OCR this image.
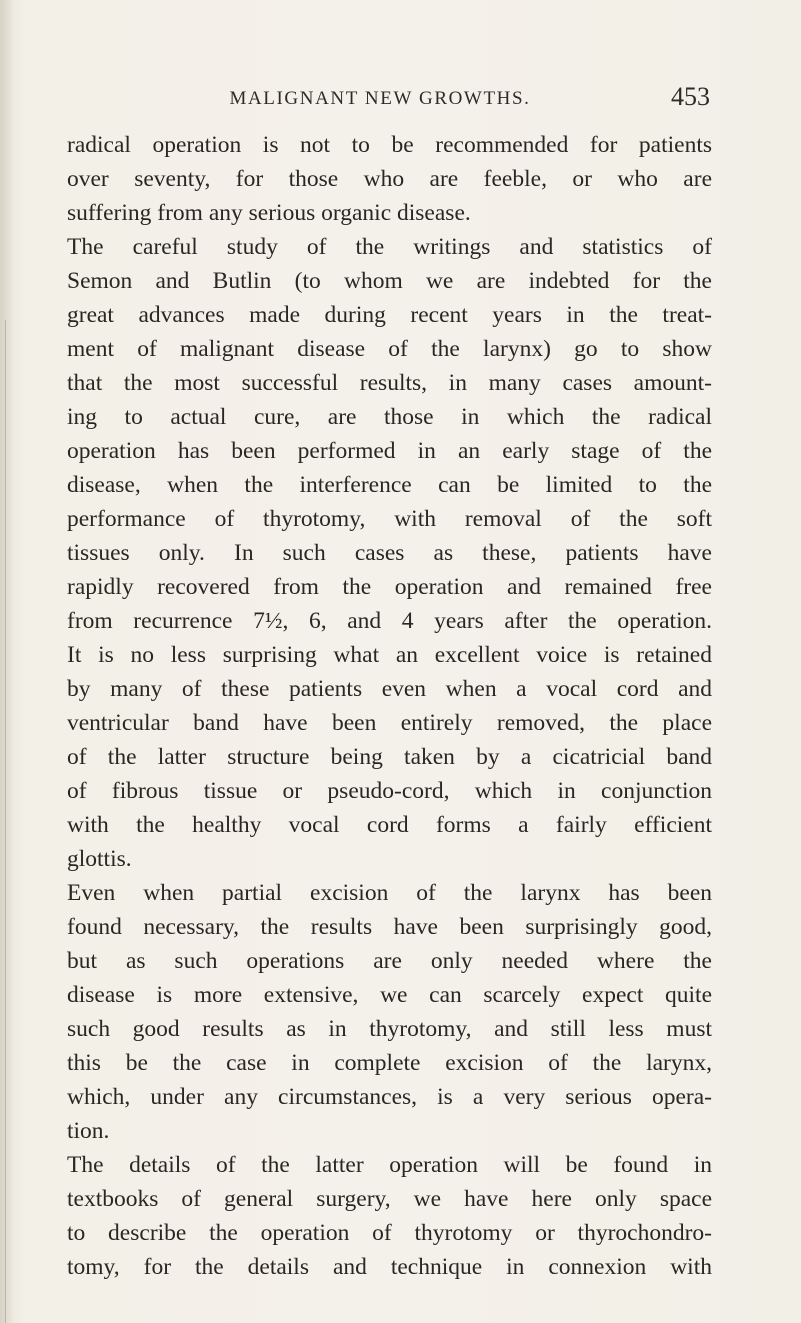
MALIGNANT NEW GROWTHS.	453
radical operation is not to be recommended for patients
over seventy, for those who are feeble, or who are
suffering from any serious organic disease.
The careful study of the writings and statistics of
Semon and Butlin (to whom we are indebted for the
great advances made during recent years in the treat-
ment of malignant disease of the larynx) go to show
that the most successful results, in many cases amount-
ing to actual cure, are those in which the radical
operation has been performed in an early stage of the
disease, when the interference can be limited to the
performance of thyrotomy, with removal of the soft
tissues only. In such cases as these, patients have
rapidly recovered from the operation and remained free
from recurrence 7½, 6, and 4 years after the operation.
It is no less surprising what an excellent voice is retained
by many of these patients even when a vocal cord and
ventricular band have been entirely removed, the place
of the latter structure being taken by a cicatricial band
of fibrous tissue or pseudo-cord, which in conjunction
with the healthy vocal cord forms a fairly efficient
glottis.
Even when partial excision of the larynx has been
found necessary, the results have been surprisingly good,
but as such operations are only needed where the
disease is more extensive, we can scarcely expect quite
such good results as in thyrotomy, and still less must
this be the case in complete excision of the larynx,
which, under any circumstances, is a very serious opera-
tion.
The details of the latter operation will be found in
textbooks of general surgery, we have here only space
to describe the operation of thyrotomy or thyrochondro-
tomy, for the details and technique in connexion with
